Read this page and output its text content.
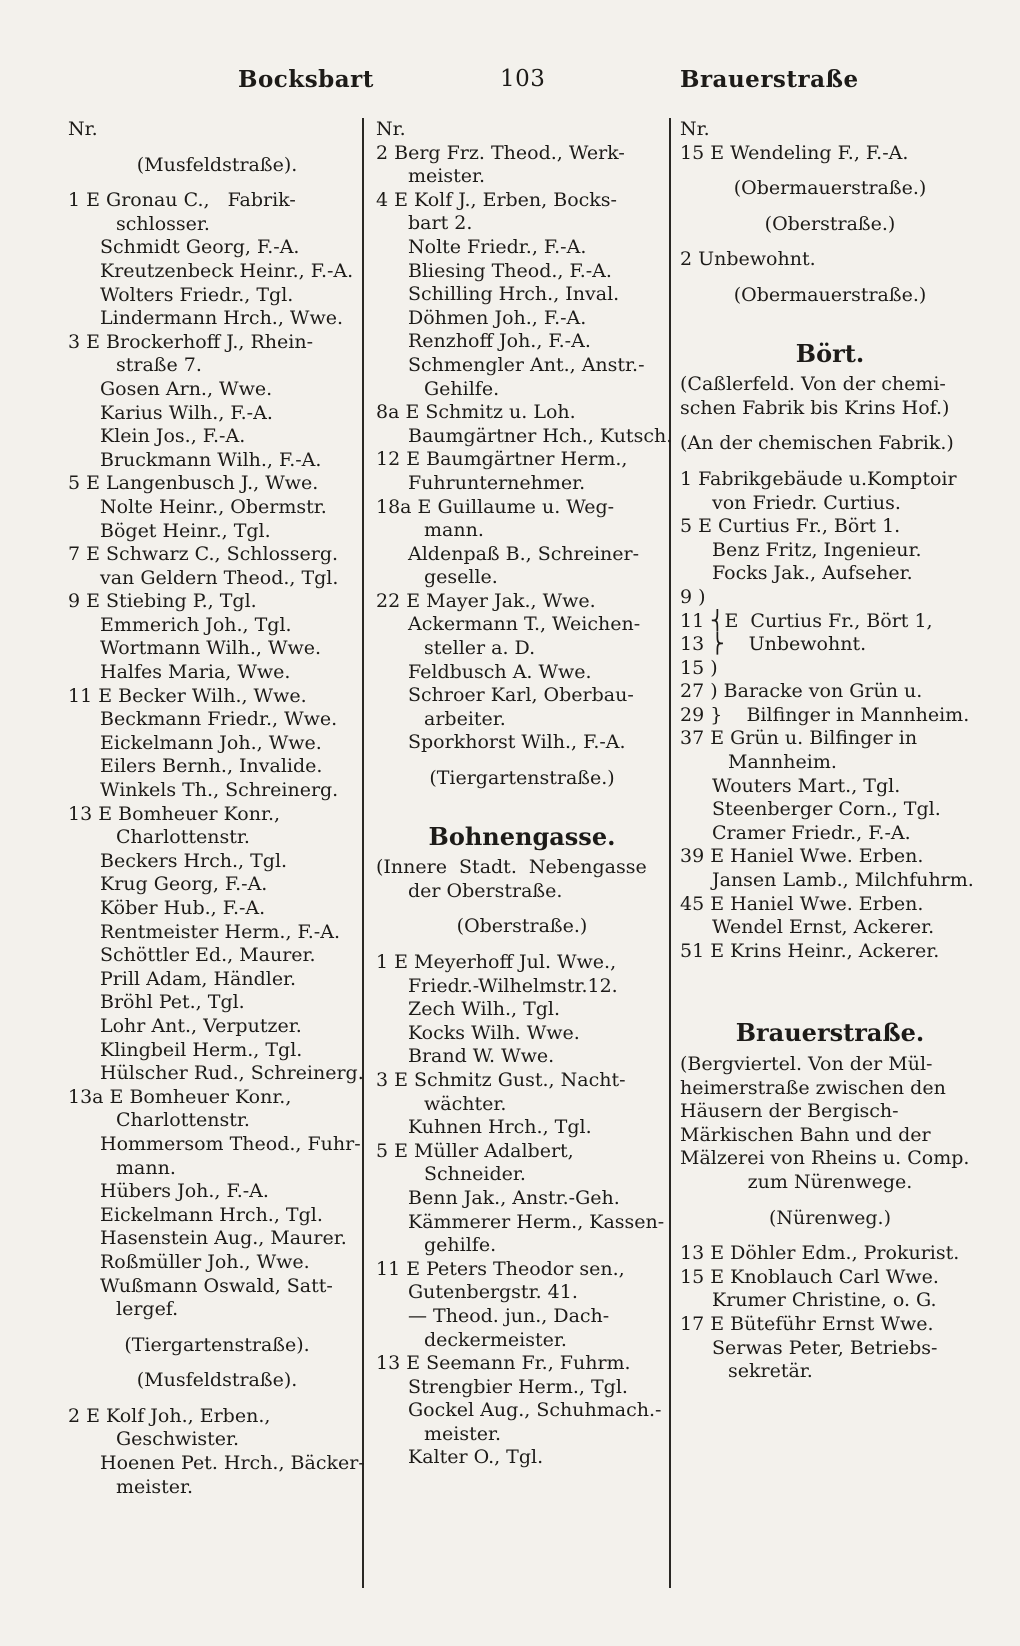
Bocksbart	103	Brauerstraße
Nr.
(Musfeldstraße).
1 E Gronau C.,   Fabrik-
schlosser.
Schmidt Georg, F.-A.
Kreutzenbeck Heinr., F.-A.
Wolters Friedr., Tgl.
Lindermann Hrch., Wwe.
3 E Brockerhoff J., Rhein-
straße 7.
Gosen Arn., Wwe.
Karius Wilh., F.-A.
Klein Jos., F.-A.
Bruckmann Wilh., F.-A.
5 E Langenbusch J., Wwe.
Nolte Heinr., Obermstr.
Böget Heinr., Tgl.
7 E Schwarz C., Schlosserg.
van Geldern Theod., Tgl.
9 E Stiebing P., Tgl.
Emmerich Joh., Tgl.
Wortmann Wilh., Wwe.
Halfes Maria, Wwe.
11 E Becker Wilh., Wwe.
Beckmann Friedr., Wwe.
Eickelmann Joh., Wwe.
Eilers Bernh., Invalide.
Winkels Th., Schreinerg.
13 E Bomheuer Konr.,
Charlottenstr.
Beckers Hrch., Tgl.
Krug Georg, F.-A.
Köber Hub., F.-A.
Rentmeister Herm., F.-A.
Schöttler Ed., Maurer.
Prill Adam, Händler.
Bröhl Pet., Tgl.
Lohr Ant., Verputzer.
Klingbeil Herm., Tgl.
Hülscher Rud., Schreinerg.
13a E Bomheuer Konr.,
Charlottenstr.
Hommersom Theod., Fuhr-
mann.
Hübers Joh., F.-A.
Eickelmann Hrch., Tgl.
Hasenstein Aug., Maurer.
Roßmüller Joh., Wwe.
Wußmann Oswald, Satt-
lergef.
(Tiergartenstraße).
(Musfeldstraße).
2 E Kolf Joh., Erben.,
Geschwister.
Hoenen Pet. Hrch., Bäcker-
meister.
Nr.
2 Berg Frz. Theod., Werk-
meister.
4 E Kolf J., Erben, Bocks-
bart 2.
Nolte Friedr., F.-A.
Bliesing Theod., F.-A.
Schilling Hrch., Inval.
Döhmen Joh., F.-A.
Renzhoff Joh., F.-A.
Schmengler Ant., Anstr.-
Gehilfe.
8a E Schmitz u. Loh.
Baumgärtner Hch., Kutsch.
12 E Baumgärtner Herm.,
Fuhrunternehmer.
18a E Guillaume u. Weg-
mann.
Aldenpaß B., Schreiner-
geselle.
22 E Mayer Jak., Wwe.
Ackermann T., Weichen-
steller a. D.
Feldbusch A. Wwe.
Schroer Karl, Oberbau-
arbeiter.
Sporkhorst Wilh., F.-A.
(Tiergartenstraße.)
Bohnengasse.
(Innere  Stadt.  Nebengasse
der Oberstraße.
(Oberstraße.)
1 E Meyerhoff Jul. Wwe.,
Friedr.-Wilhelmstr.12.
Zech Wilh., Tgl.
Kocks Wilh. Wwe.
Brand W. Wwe.
3 E Schmitz Gust., Nacht-
wächter.
Kuhnen Hrch., Tgl.
5 E Müller Adalbert,
Schneider.
Benn Jak., Anstr.-Geh.
Kämmerer Herm., Kassen-
gehilfe.
11 E Peters Theodor sen.,
Gutenbergstr. 41.
— Theod. jun., Dach-
deckermeister.
13 E Seemann Fr., Fuhrm.
Strengbier Herm., Tgl.
Gockel Aug., Schuhmach.-
meister.
Kalter O., Tgl.
Nr.
15 E Wendeling F., F.-A.
(Obermauerstraße.)
(Oberstraße.)
2 Unbewohnt.
(Obermauerstraße.)
Bört.
(Caßlerfeld. Von der chemi-
schen Fabrik bis Krins Hof.)
(An der chemischen Fabrik.)
1 Fabrikgebäude u.Komptoir
von Friedr. Curtius.
5 E Curtius Fr., Bört 1.
Benz Fritz, Ingenieur.
Focks Jak., Aufseher.
9 )
11 ⎨E  Curtius Fr., Bört 1,
13 ⎬    Unbewohnt.
15 )
27 ) Baracke von Grün u.
29 }    Bilfinger in Mannheim.
37 E Grün u. Bilfinger in
Mannheim.
Wouters Mart., Tgl.
Steenberger Corn., Tgl.
Cramer Friedr., F.-A.
39 E Haniel Wwe. Erben.
Jansen Lamb., Milchfuhrm.
45 E Haniel Wwe. Erben.
Wendel Ernst, Ackerer.
51 E Krins Heinr., Ackerer.
Brauerstraße.
(Bergviertel. Von der Mül-
heimerstraße zwischen den
Häusern der Bergisch-
Märkischen Bahn und der
Mälzerei von Rheins u. Comp.
zum Nürenwege.
(Nürenweg.)
13 E Döhler Edm., Prokurist.
15 E Knoblauch Carl Wwe.
Krumer Christine, o. G.
17 E Büteführ Ernst Wwe.
Serwas Peter, Betriebs-
sekretär.
